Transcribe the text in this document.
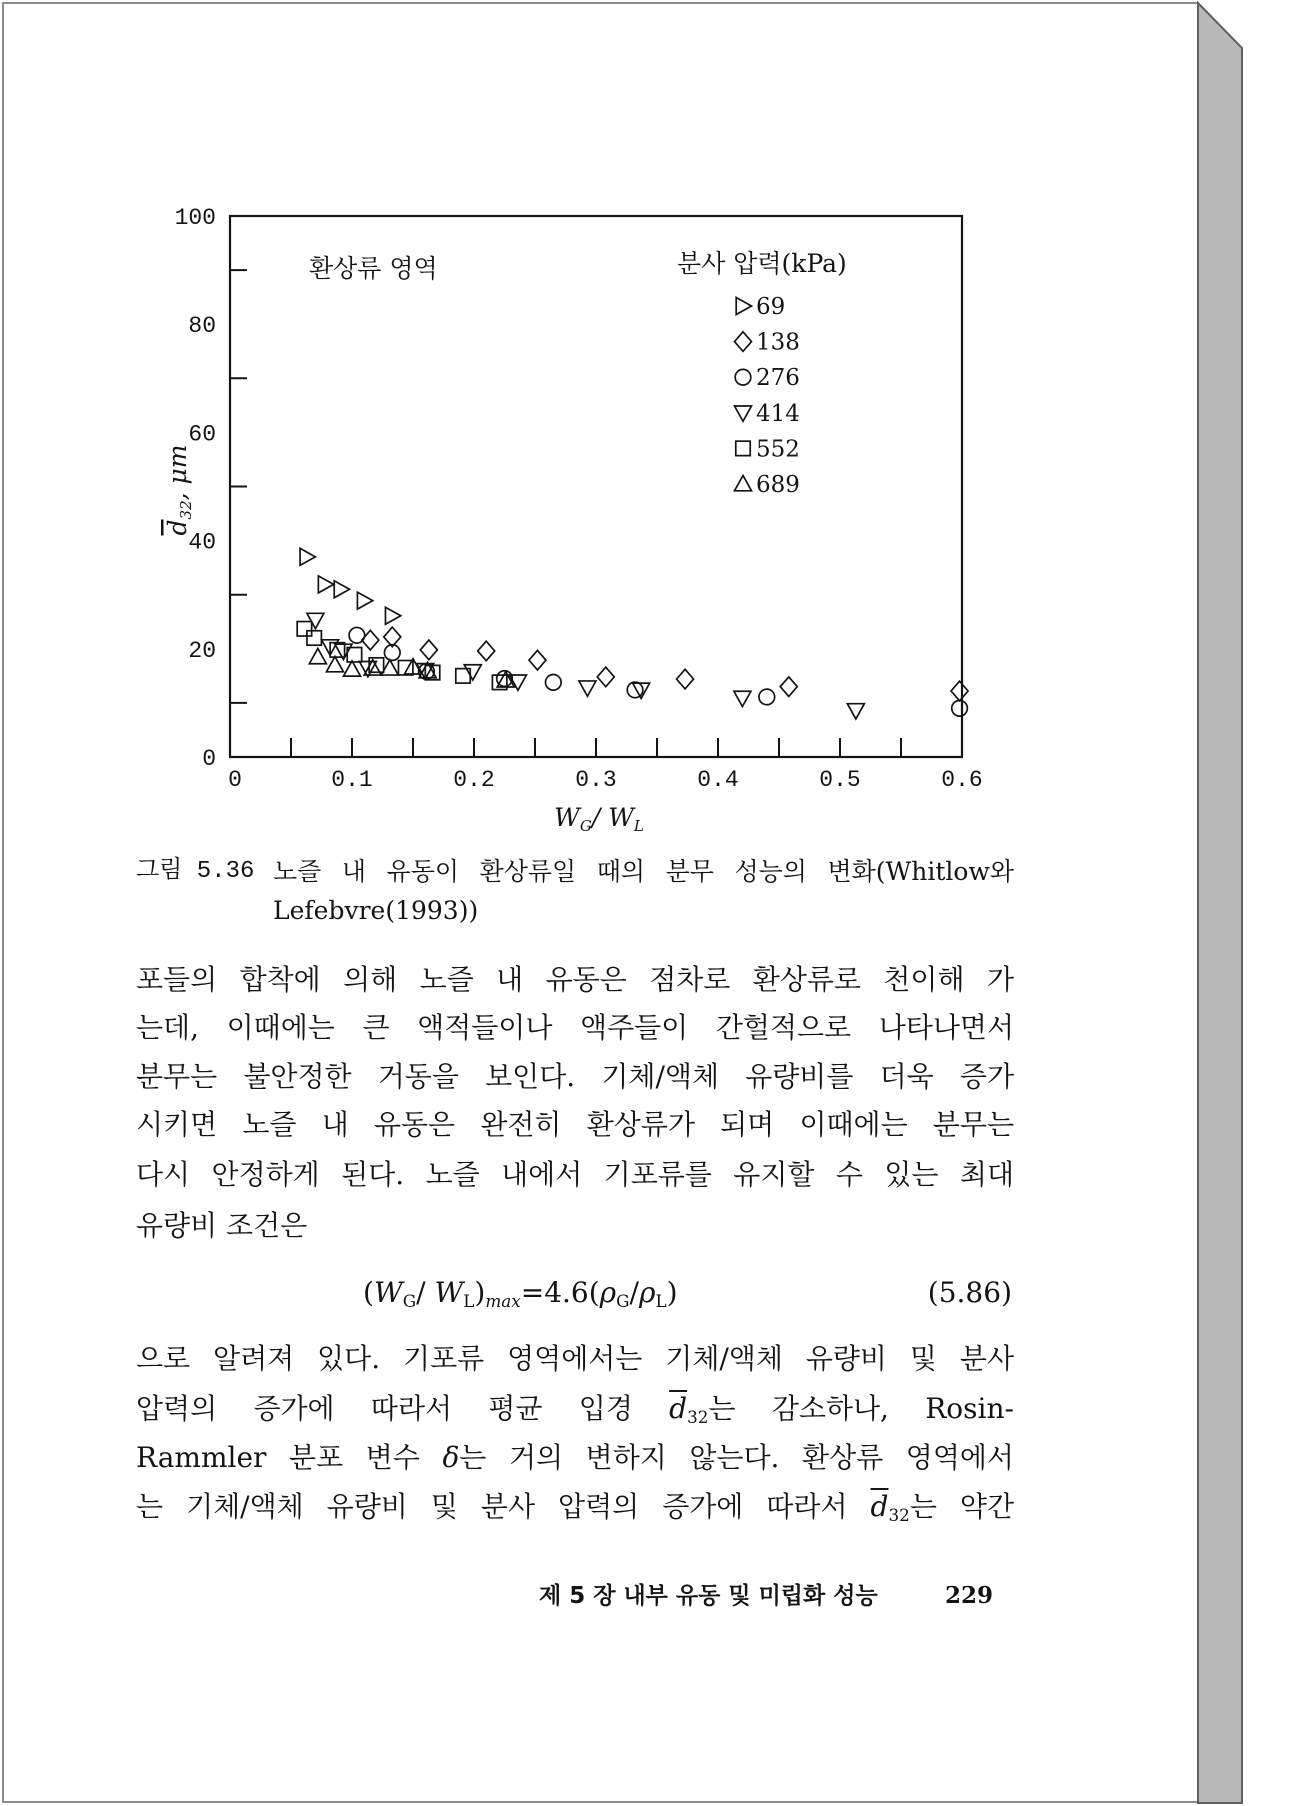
0
20
40
60
80
100
0	0.1	0.2	0.3	0.4	0.5	0.6
환상류 영역	분사 압력(kPa)
69
138
276
414
552
689
$W_G/$ $W_L$
$d_{32}$, μm
그림 5.36 노즐 내 유동이 환상류일 때의 분무 성능의 변화(Whitlow와
Lefebvre(1993))
포들의 합착에 의해 노즐 내 유동은 점차로 환상류로 천이해 가
는데, 이때에는 큰 액적들이나 액주들이 간헐적으로 나타나면서
분무는 불안정한 거동을 보인다. 기체/액체 유량비를 더욱 증가
시키면 노즐 내 유동은 완전히 환상류가 되며 이때에는 분무는
다시 안정하게 된다. 노즐 내에서 기포류를 유지할 수 있는 최대
유량비 조건은
($W_G/$ $W_L)_{max}=4.6(\rho_G/\rho_L)$	(5.86)
으로 알려져 있다. 기포류 영역에서는 기체/액체 유량비 및 분사
압력의 증가에 따라서 평균 입경 $\overline{d}_{32}$는 감소하나, Rosin-
Rammler 분포 변수 δ는 거의 변하지 않는다. 환상류 영역에서
는 기체/액체 유량비 및 분사 압력의 증가에 따라서 $\overline{d}_{32}$는 약간
제 5 장 내부 유동 및 미립화 성능	229
